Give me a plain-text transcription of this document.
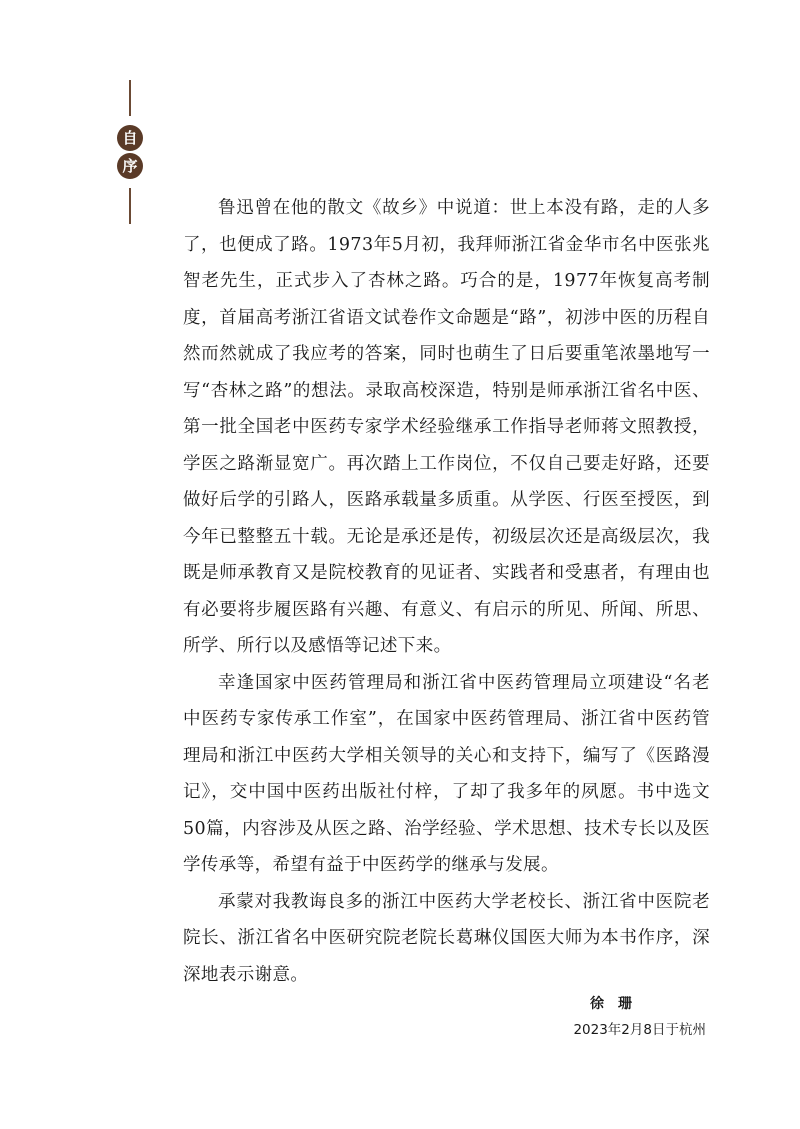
自
序

鲁迅曾在他的散文《故乡》中说道：世上本没有路，走的人多了，也便成了路。1973年5月初，我拜师浙江省金华市名中医张兆智老先生，正式步入了杏林之路。巧合的是，1977年恢复高考制度，首届高考浙江省语文试卷作文命题是“路”，初涉中医的历程自然而然就成了我应考的答案，同时也萌生了日后要重笔浓墨地写一写“杏林之路”的想法。录取高校深造，特别是师承浙江省名中医、第一批全国老中医药专家学术经验继承工作指导老师蒋文照教授，学医之路渐显宽广。再次踏上工作岗位，不仅自己要走好路，还要做好后学的引路人，医路承载量多质重。从学医、行医至授医，到今年已整整五十载。无论是承还是传，初级层次还是高级层次，我既是师承教育又是院校教育的见证者、实践者和受惠者，有理由也有必要将步履医路有兴趣、有意义、有启示的所见、所闻、所思、所学、所行以及感悟等记述下来。

幸逢国家中医药管理局和浙江省中医药管理局立项建设“名老中医药专家传承工作室”，在国家中医药管理局、浙江省中医药管理局和浙江中医药大学相关领导的关心和支持下，编写了《医路漫记》，交中国中医药出版社付梓，了却了我多年的夙愿。书中选文50篇，内容涉及从医之路、治学经验、学术思想、技术专长以及医学传承等，希望有益于中医药学的继承与发展。

承蒙对我教诲良多的浙江中医药大学老校长、浙江省中医院老院长、浙江省名中医研究院老院长葛琳仪国医大师为本书作序，深深地表示谢意。

徐珊
2023年2月8日于杭州
